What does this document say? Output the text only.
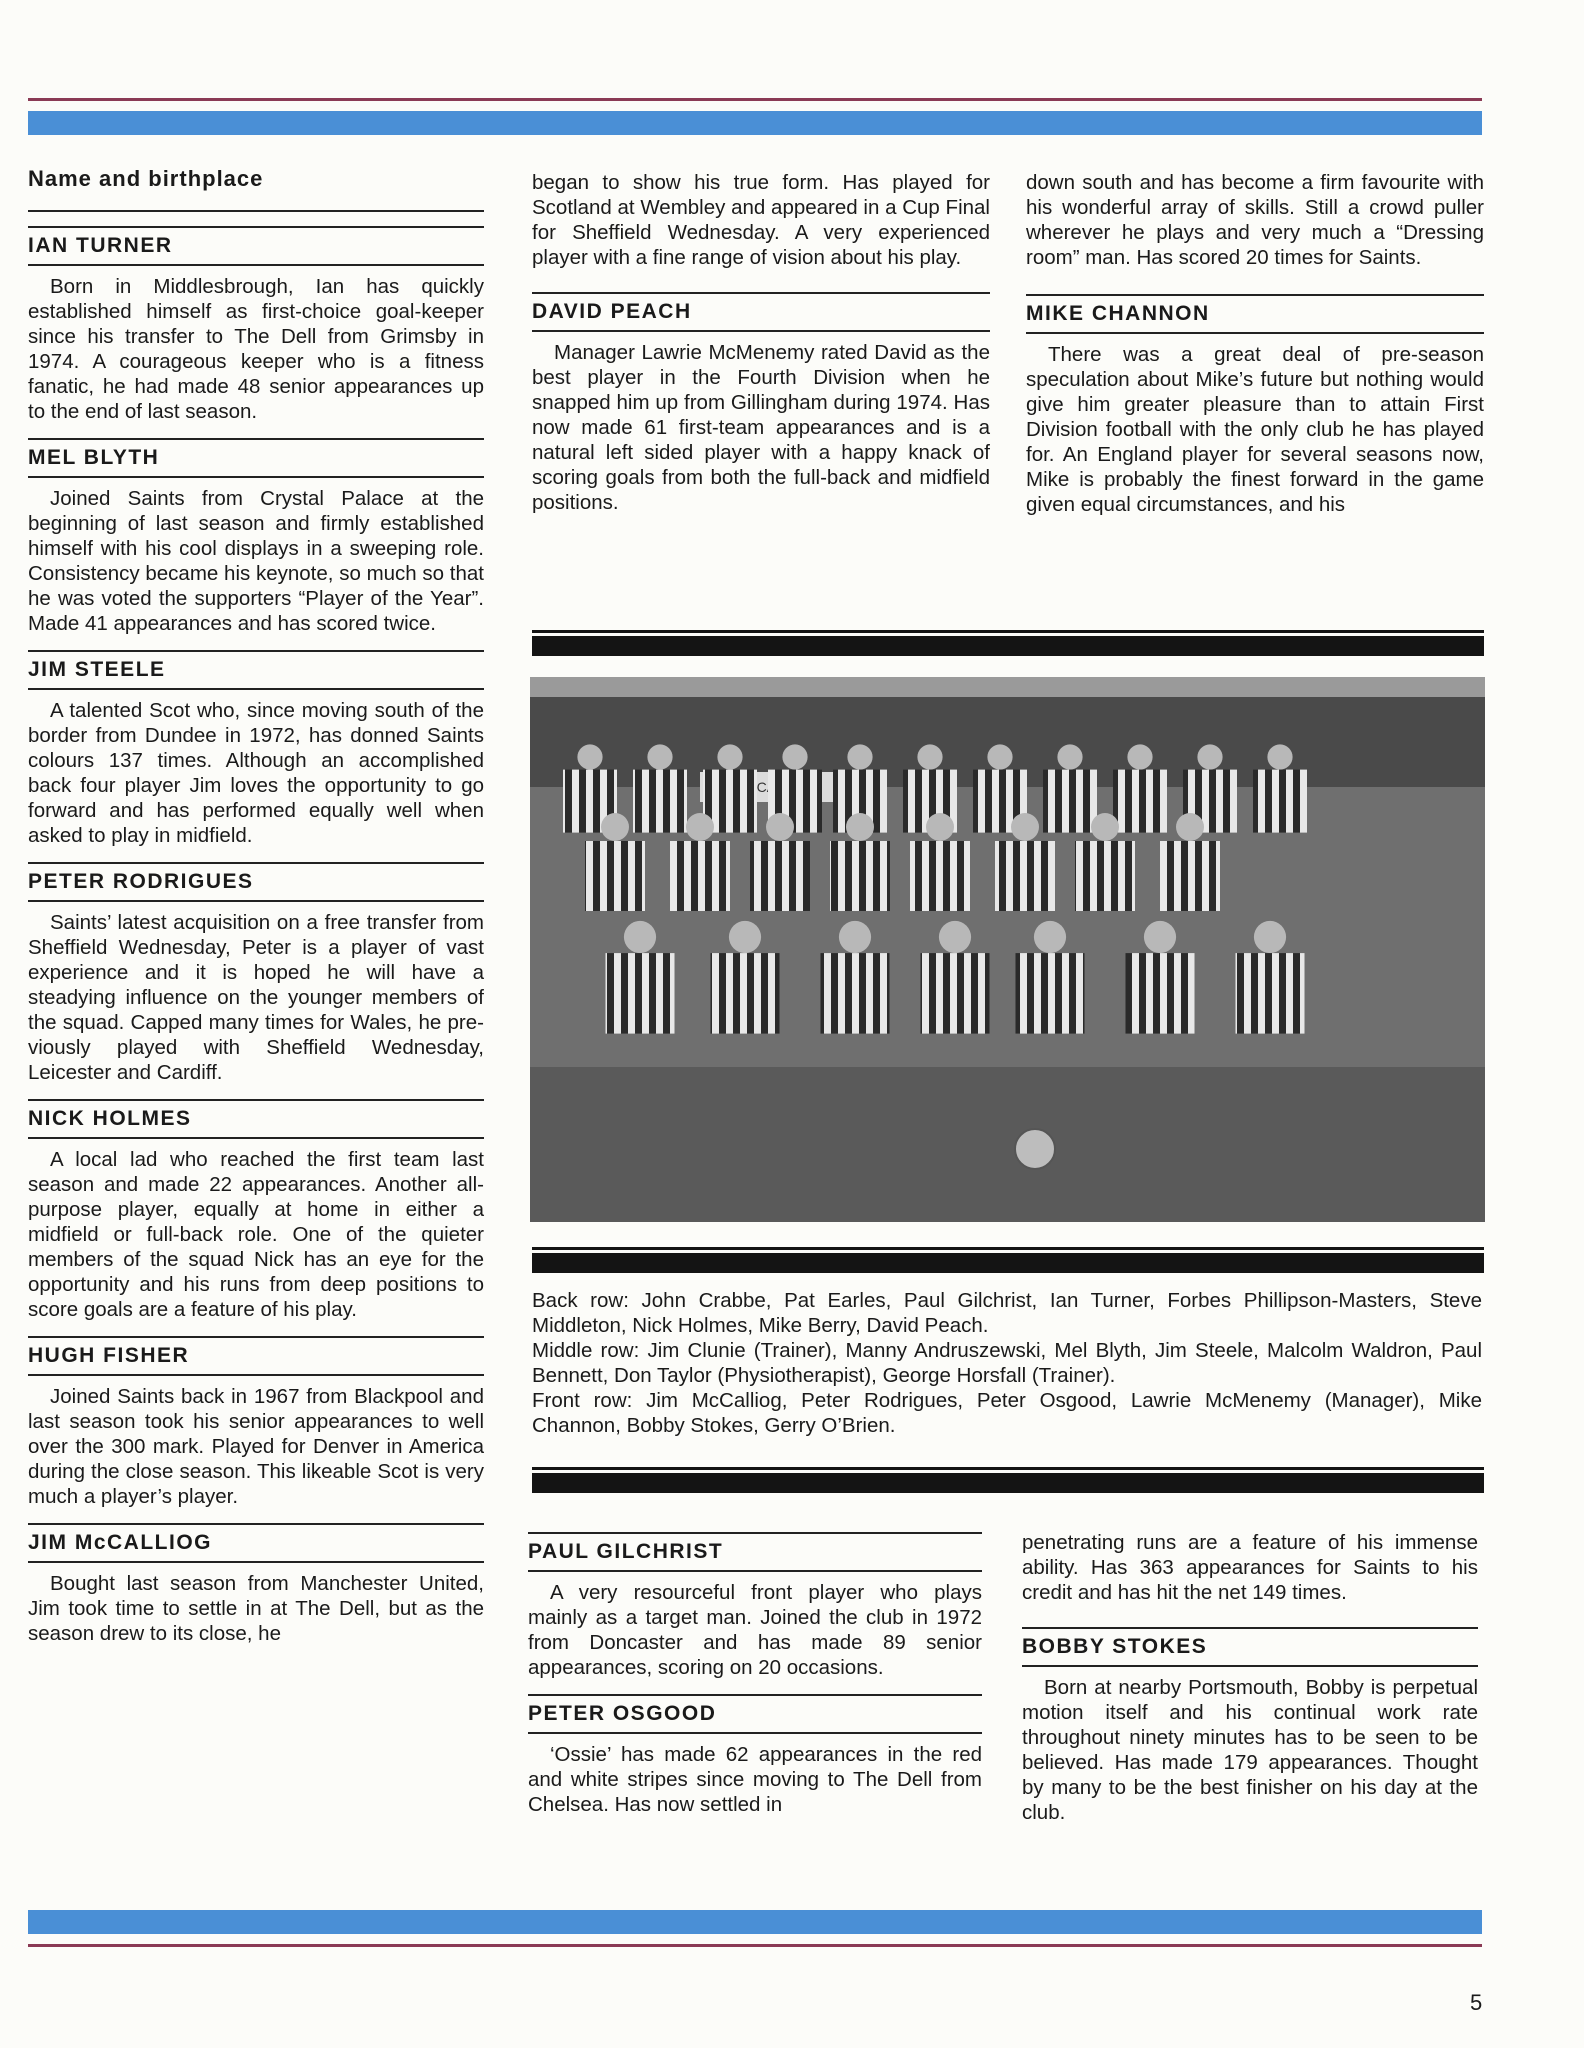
Name and birthplace

IAN TURNER

Born in Middlesbrough, Ian has quickly established himself as first-choice goal-keeper since his transfer to The Dell from Grimsby in 1974. A courageous keeper who is a fitness fanatic, he had made 48 senior appearances up to the end of last season.

MEL BLYTH

Joined Saints from Crystal Palace at the beginning of last season and firmly established himself with his cool displays in a sweeping role. Consistency became his keynote, so much so that he was voted the supporters “Player of the Year”. Made 41 appearances and has scored twice.

JIM STEELE

A talented Scot who, since moving south of the border from Dundee in 1972, has donned Saints colours 137 times. Although an accomplished back four player Jim loves the opportunity to go forward and has performed equally well when asked to play in midfield.

PETER RODRIGUES

Saints’ latest acquisition on a free transfer from Sheffield Wednesday, Peter is a player of vast experience and it is hoped he will have a steadying influence on the younger members of the squad. Capped many times for Wales, he pre-viously played with Sheffield Wednesday, Leicester and Cardiff.

NICK HOLMES

A local lad who reached the first team last season and made 22 appearances. Another all-purpose player, equally at home in either a midfield or full-back role. One of the quieter members of the squad Nick has an eye for the opportunity and his runs from deep positions to score goals are a feature of his play.

HUGH FISHER

Joined Saints back in 1967 from Blackpool and last season took his senior appearances to well over the 300 mark. Played for Denver in America during the close season. This likeable Scot is very much a player’s player.

JIM McCALLIOG

Bought last season from Manchester United, Jim took time to settle in at The Dell, but as the season drew to its close, he

began to show his true form. Has played for Scotland at Wembley and appeared in a Cup Final for Sheffield Wednesday. A very experienced player with a fine range of vision about his play.

DAVID PEACH

Manager Lawrie McMenemy rated David as the best player in the Fourth Division when he snapped him up from Gillingham during 1974. Has now made 61 first-team appearances and is a natural left sided player with a happy knack of scoring goals from both the full-back and midfield positions.

down south and has become a firm favourite with his wonderful array of skills. Still a crowd puller wherever he plays and very much a “Dressing room” man. Has scored 20 times for Saints.

MIKE CHANNON

There was a great deal of pre-season speculation about Mike’s future but nothing would give him greater pleasure than to attain First Division football with the only club he has played for. An England player for several seasons now, Mike is probably the finest forward in the game given equal circumstances, and his

Back row: John Crabbe, Pat Earles, Paul Gilchrist, Ian Turner, Forbes Phillipson-Masters, Steve Middleton, Nick Holmes, Mike Berry, David Peach.

Middle row: Jim Clunie (Trainer), Manny Andruszewski, Mel Blyth, Jim Steele, Malcolm Waldron, Paul Bennett, Don Taylor (Physiotherapist), George Horsfall (Trainer).

Front row: Jim McCalliog, Peter Rodrigues, Peter Osgood, Lawrie McMenemy (Manager), Mike Channon, Bobby Stokes, Gerry O’Brien.

PAUL GILCHRIST

A very resourceful front player who plays mainly as a target man. Joined the club in 1972 from Doncaster and has made 89 senior appearances, scoring on 20 occasions.

PETER OSGOOD

‘Ossie’ has made 62 appearances in the red and white stripes since moving to The Dell from Chelsea. Has now settled in

penetrating runs are a feature of his immense ability. Has 363 appearances for Saints to his credit and has hit the net 149 times.

BOBBY STOKES

Born at nearby Portsmouth, Bobby is perpetual motion itself and his continual work rate throughout ninety minutes has to be seen to be believed. Has made 179 appearances. Thought by many to be the best finisher on his day at the club.

5
